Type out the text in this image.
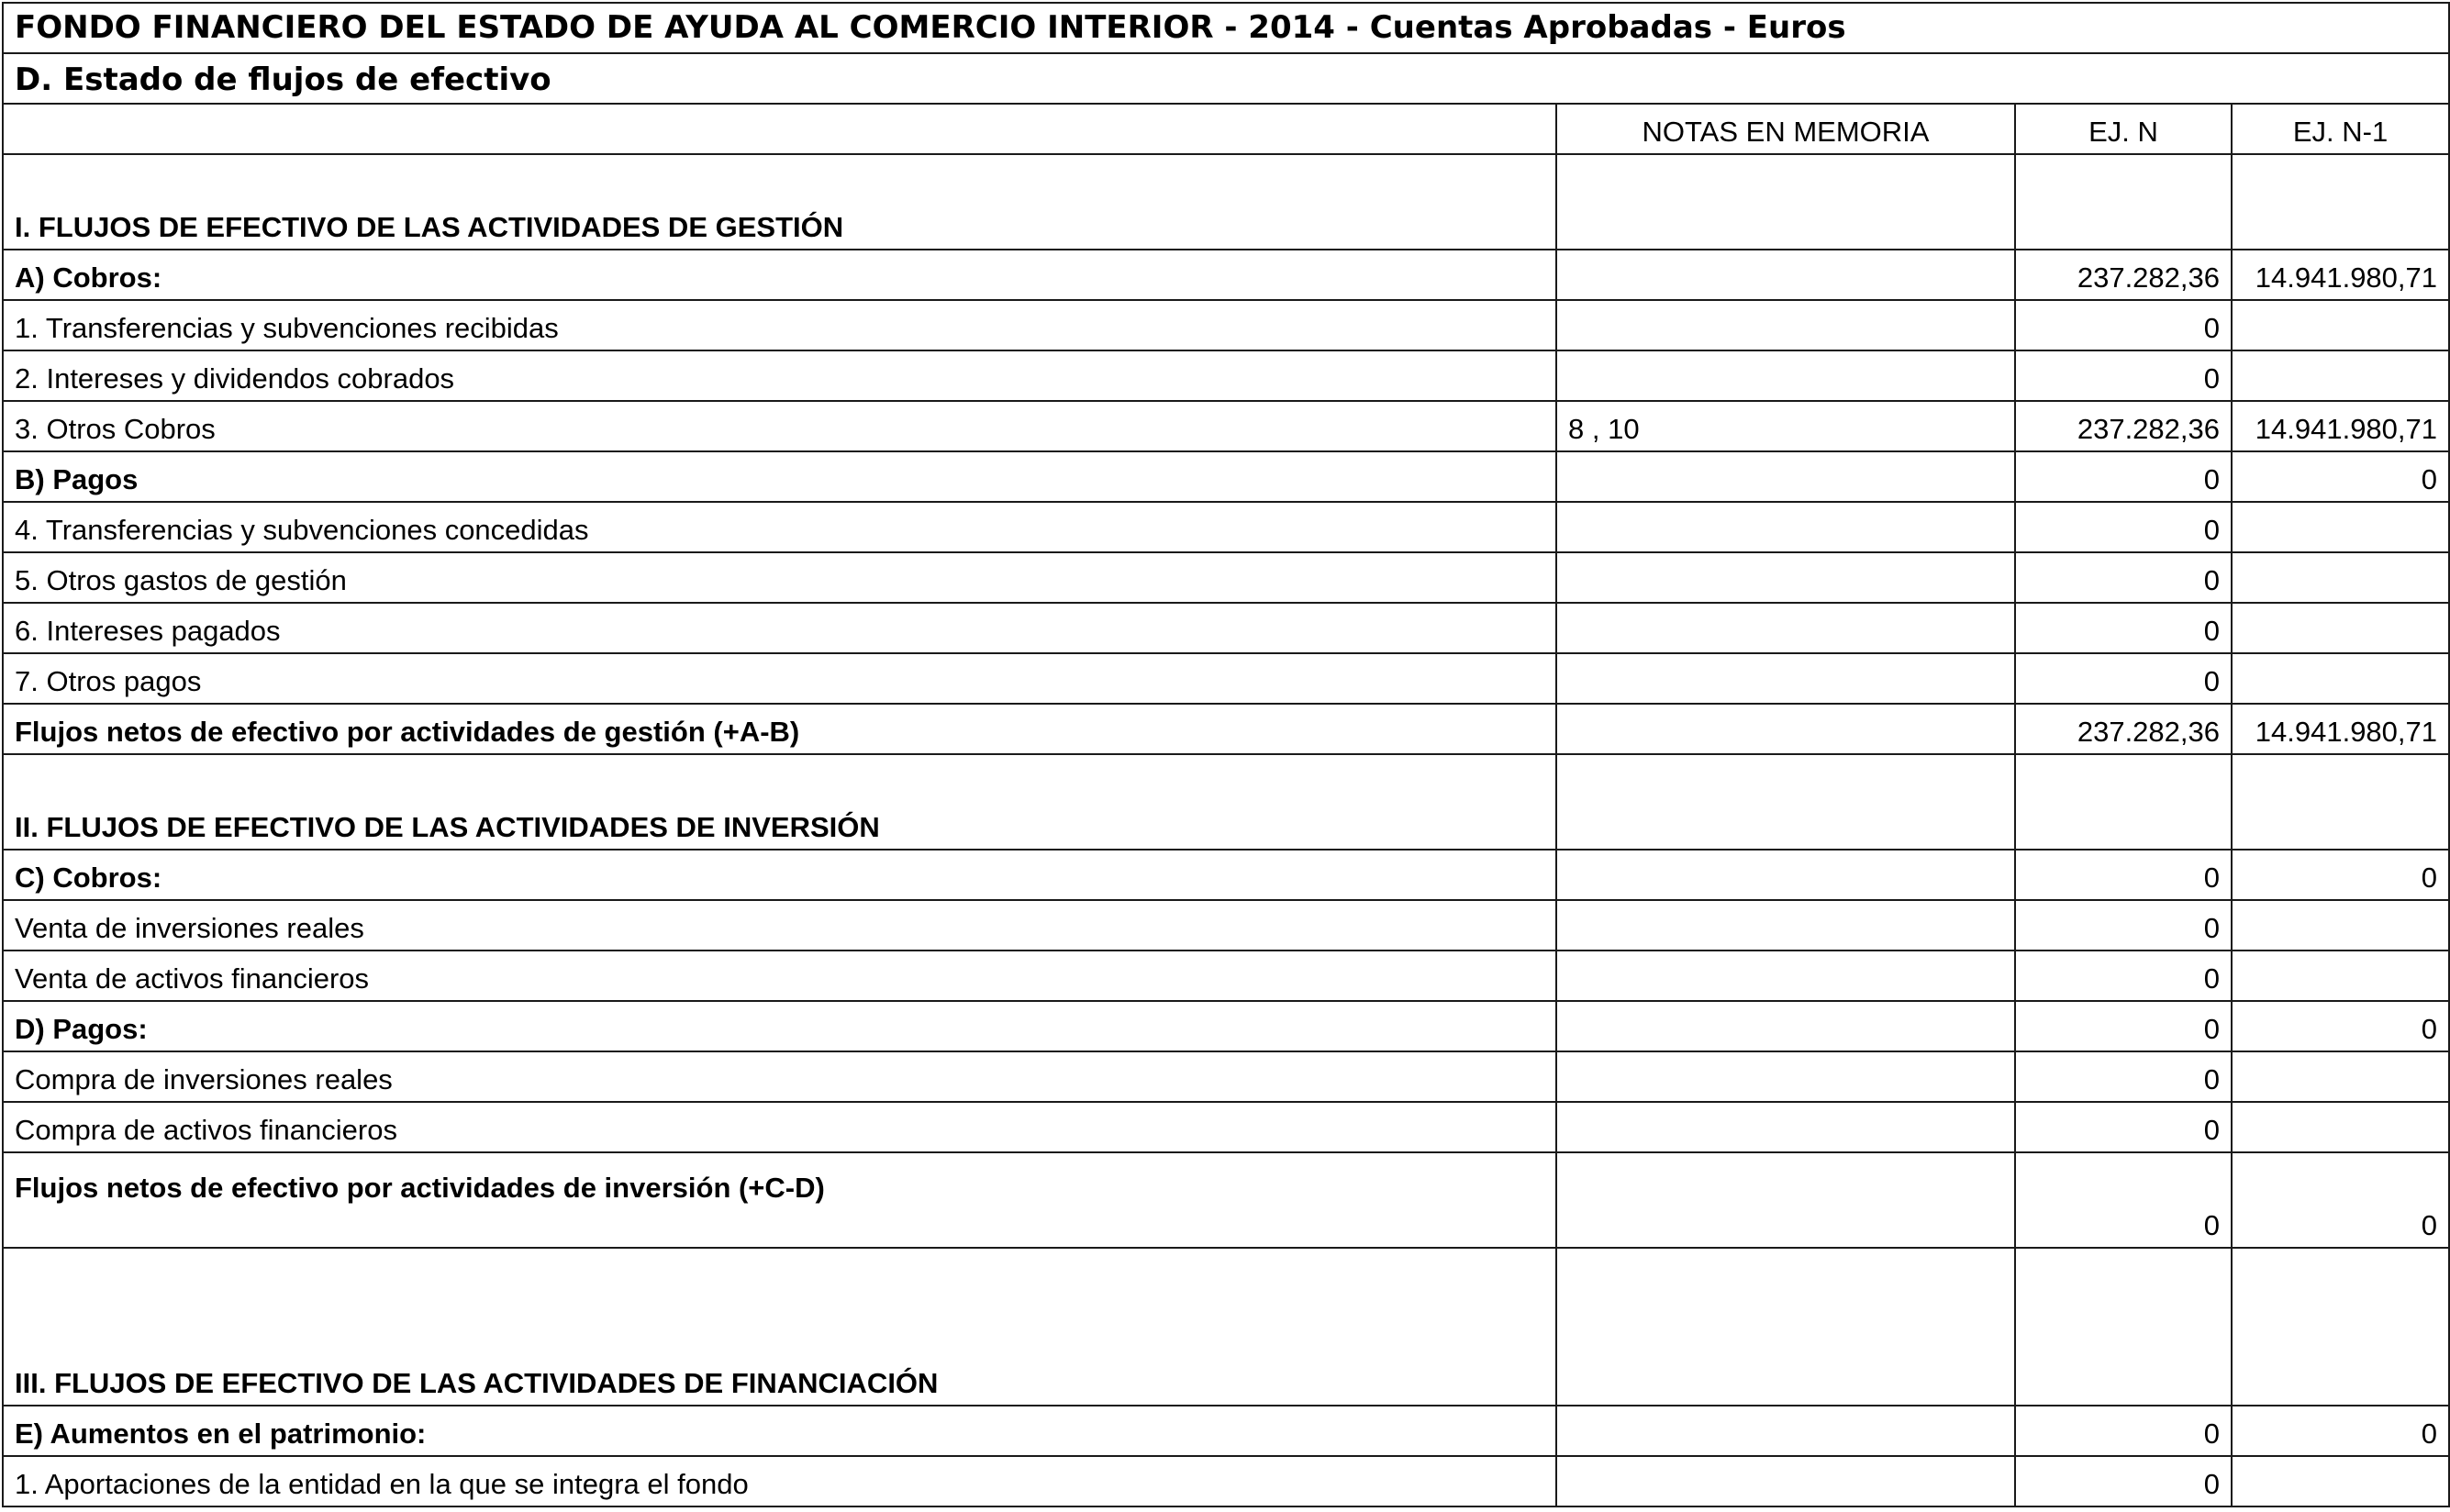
FONDO FINANCIERO DEL ESTADO DE AYUDA AL COMERCIO INTERIOR - 2014 - Cuentas Aprobadas - Euros			
D. Estado de flujos de efectivo			
	NOTAS EN MEMORIA	EJ. N	EJ. N-1
I. FLUJOS DE EFECTIVO DE LAS ACTIVIDADES DE GESTIÓN			
A) Cobros:		237.282,36	14.941.980,71
1. Transferencias y subvenciones recibidas		0	
2. Intereses y dividendos cobrados		0	
3. Otros Cobros	8 , 10	237.282,36	14.941.980,71
B) Pagos		0	0
4. Transferencias y subvenciones concedidas		0	
5. Otros gastos de gestión		0	
6. Intereses pagados		0	
7. Otros pagos		0	
Flujos netos de efectivo por actividades de gestión (+A-B)		237.282,36	14.941.980,71
II. FLUJOS DE EFECTIVO DE LAS ACTIVIDADES DE INVERSIÓN			
C) Cobros:		0	0
Venta de inversiones reales		0	
Venta de activos financieros		0	
D) Pagos:		0	0
Compra de inversiones reales		0	
Compra de activos financieros		0	
Flujos netos de efectivo por actividades de inversión (+C-D)		0	0
III. FLUJOS DE EFECTIVO DE LAS ACTIVIDADES DE FINANCIACIÓN			
E) Aumentos en el patrimonio:		0	0
1. Aportaciones de la entidad en la que se integra el fondo		0	
